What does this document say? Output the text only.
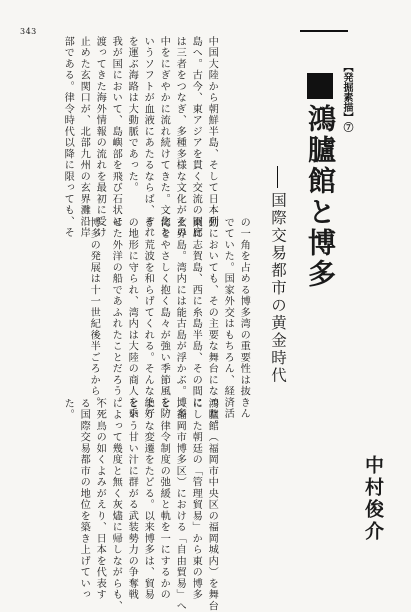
343
【発掘素描】⑦
鴻臚館と博多
国際交易都市の黄金時代
中村俊介
鴻臚館（福岡市中央区の福岡城内）を舞台
にした朝廷の「管理貿易」から東の博多
（福岡市博多区）における「自由貿易」へ
と、律令制度の弛緩と軌を一にするかの
ような変遷をたどる。以来博多は、貿易
という甘い汁に群がる武装勢力の争奪戦
によって幾度と無く灰燼に帰しながらも、
不死鳥の如くよみがえり、日本を代表す
る国際交易都市の地位を築き上げていっ
た。	の一角を占める博多湾の重要性は抜きん
でていた。国家外交はもちろん、経済活
動においても、その主要な舞台になった。
東に志賀島、西に糸島半島、その間に
玄界島。湾内には能古島が浮かぶ。博多
湾をやさしく抱く島々が強い季節風を防
ぎ、荒波を和らげてくれる。そんな絶好
の地形に守られ、湾内は大陸の商人を乗
せた外洋の船であふれたことだろう。
博多の発展は十一世紀後半ごろから。
中国大陸から朝鮮半島、そして日本列
島へ。古今、東アジアを貫く交流の回廊
は三者をつなぎ、多種多様な文化がその
中をにぎやかに流れ続けてきた。文化と
いうソフトが血液にあたるならば、それ
を運ぶ海路は大動脈であった。
我が国において、島嶼部を飛び石状に
渡ってきた海外情報の流れを最初に受け
止めた玄関口が、北部九州の玄界灘沿岸
部である。律令時代以降に限っても、そ
